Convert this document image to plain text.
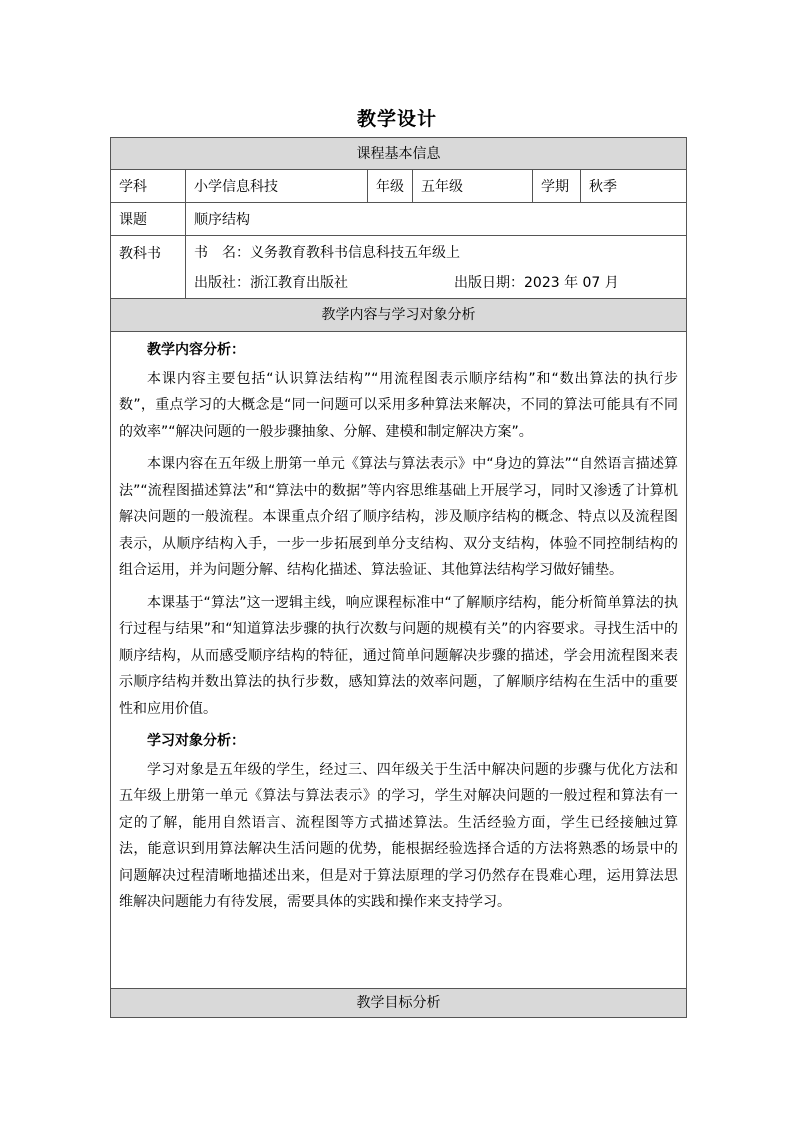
教学设计
课程基本信息
学科	小学信息科技	年级	五年级	学期	秋季
课题	顺序结构
教科书 书　名：义务教育教科书信息科技五年级上
出版社：浙江教育出版社	出版日期：2023 年 07 月
教学内容与学习对象分析

教学内容分析：

本课内容主要包括“认识算法结构”“用流程图表示顺序结构”和“数出算法的执行步数”，重点学习的大概念是“同一问题可以采用多种算法来解决，不同的算法可能具有不同的效率”“解决问题的一般步骤抽象、分解、建模和制定解决方案”。

本课内容在五年级上册第一单元《算法与算法表示》中“身边的算法”“自然语言描述算法”“流程图描述算法”和“算法中的数据”等内容思维基础上开展学习，同时又渗透了计算机解决问题的一般流程。本课重点介绍了顺序结构，涉及顺序结构的概念、特点以及流程图表示，从顺序结构入手，一步一步拓展到单分支结构、双分支结构，体验不同控制结构的组合运用，并为问题分解、结构化描述、算法验证、其他算法结构学习做好铺垫。

本课基于“算法”这一逻辑主线，响应课程标准中“了解顺序结构，能分析简单算法的执行过程与结果”和“知道算法步骤的执行次数与问题的规模有关”的内容要求。寻找生活中的顺序结构，从而感受顺序结构的特征，通过简单问题解决步骤的描述，学会用流程图来表示顺序结构并数出算法的执行步数，感知算法的效率问题，了解顺序结构在生活中的重要性和应用价值。

学习对象分析：

学习对象是五年级的学生，经过三、四年级关于生活中解决问题的步骤与优化方法和五年级上册第一单元《算法与算法表示》的学习，学生对解决问题的一般过程和算法有一定的了解，能用自然语言、流程图等方式描述算法。生活经验方面，学生已经接触过算法，能意识到用算法解决生活问题的优势，能根据经验选择合适的方法将熟悉的场景中的问题解决过程清晰地描述出来，但是对于算法原理的学习仍然存在畏难心理，运用算法思维解决问题能力有待发展，需要具体的实践和操作来支持学习。

教学目标分析
